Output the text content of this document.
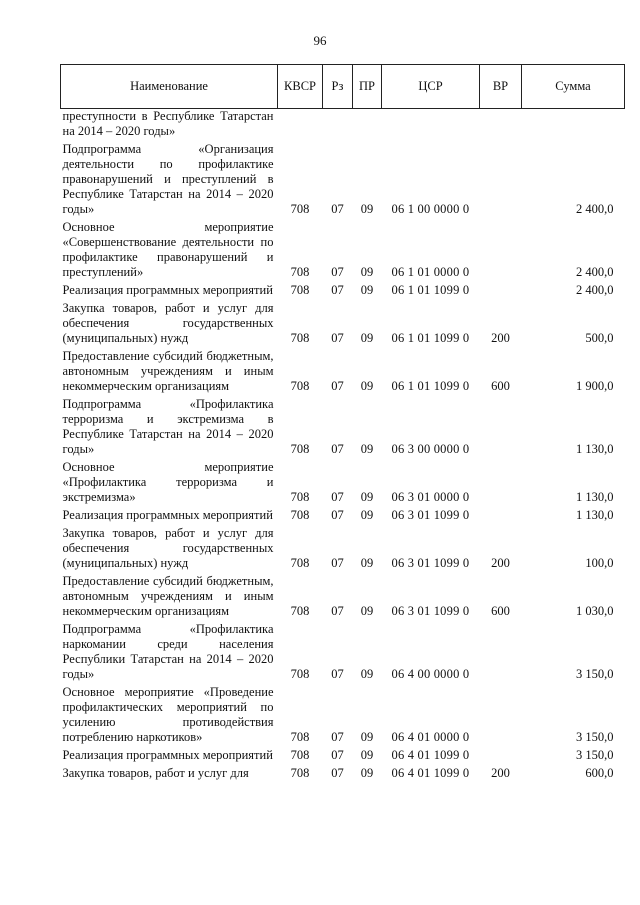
96
Наименование	КВСР	Рз	ПР	ЦСР	ВР	Сумма
преступности в Республике Татарстан на 2014 – 2020 годы»						
Подпрограмма «Организация деятельности по профилактике правонарушений и преступлений в Республике Татарстан на 2014 – 2020 годы»	708	07	09	06 1 00 0000 0		2 400,0
Основное мероприятие «Совершенствование деятельности по профилактике правонарушений и преступлений»	708	07	09	06 1 01 0000 0		2 400,0
Реализация программных мероприятий	708	07	09	06 1 01 1099 0		2 400,0
Закупка товаров, работ и услуг для обеспечения государственных (муниципальных) нужд	708	07	09	06 1 01 1099 0	200	500,0
Предоставление субсидий бюджетным, автономным учреждениям и иным некоммерческим организациям	708	07	09	06 1 01 1099 0	600	1 900,0
Подпрограмма «Профилактика терроризма и экстремизма в Республике Татарстан на 2014 – 2020 годы»	708	07	09	06 3 00 0000 0		1 130,0
Основное мероприятие «Профилактика терроризма и экстремизма»	708	07	09	06 3 01 0000 0		1 130,0
Реализация программных мероприятий	708	07	09	06 3 01 1099 0		1 130,0
Закупка товаров, работ и услуг для обеспечения государственных (муниципальных) нужд	708	07	09	06 3 01 1099 0	200	100,0
Предоставление субсидий бюджетным, автономным учреждениям и иным некоммерческим организациям	708	07	09	06 3 01 1099 0	600	1 030,0
Подпрограмма «Профилактика наркомании среди населения Республики Татарстан на 2014 – 2020 годы»	708	07	09	06 4 00 0000 0		3 150,0
Основное мероприятие «Проведение профилактических мероприятий по усилению противодействия потреблению наркотиков»	708	07	09	06 4 01 0000 0		3 150,0
Реализация программных мероприятий	708	07	09	06 4 01 1099 0		3 150,0
Закупка товаров, работ и услуг для	708	07	09	06 4 01 1099 0	200	600,0
